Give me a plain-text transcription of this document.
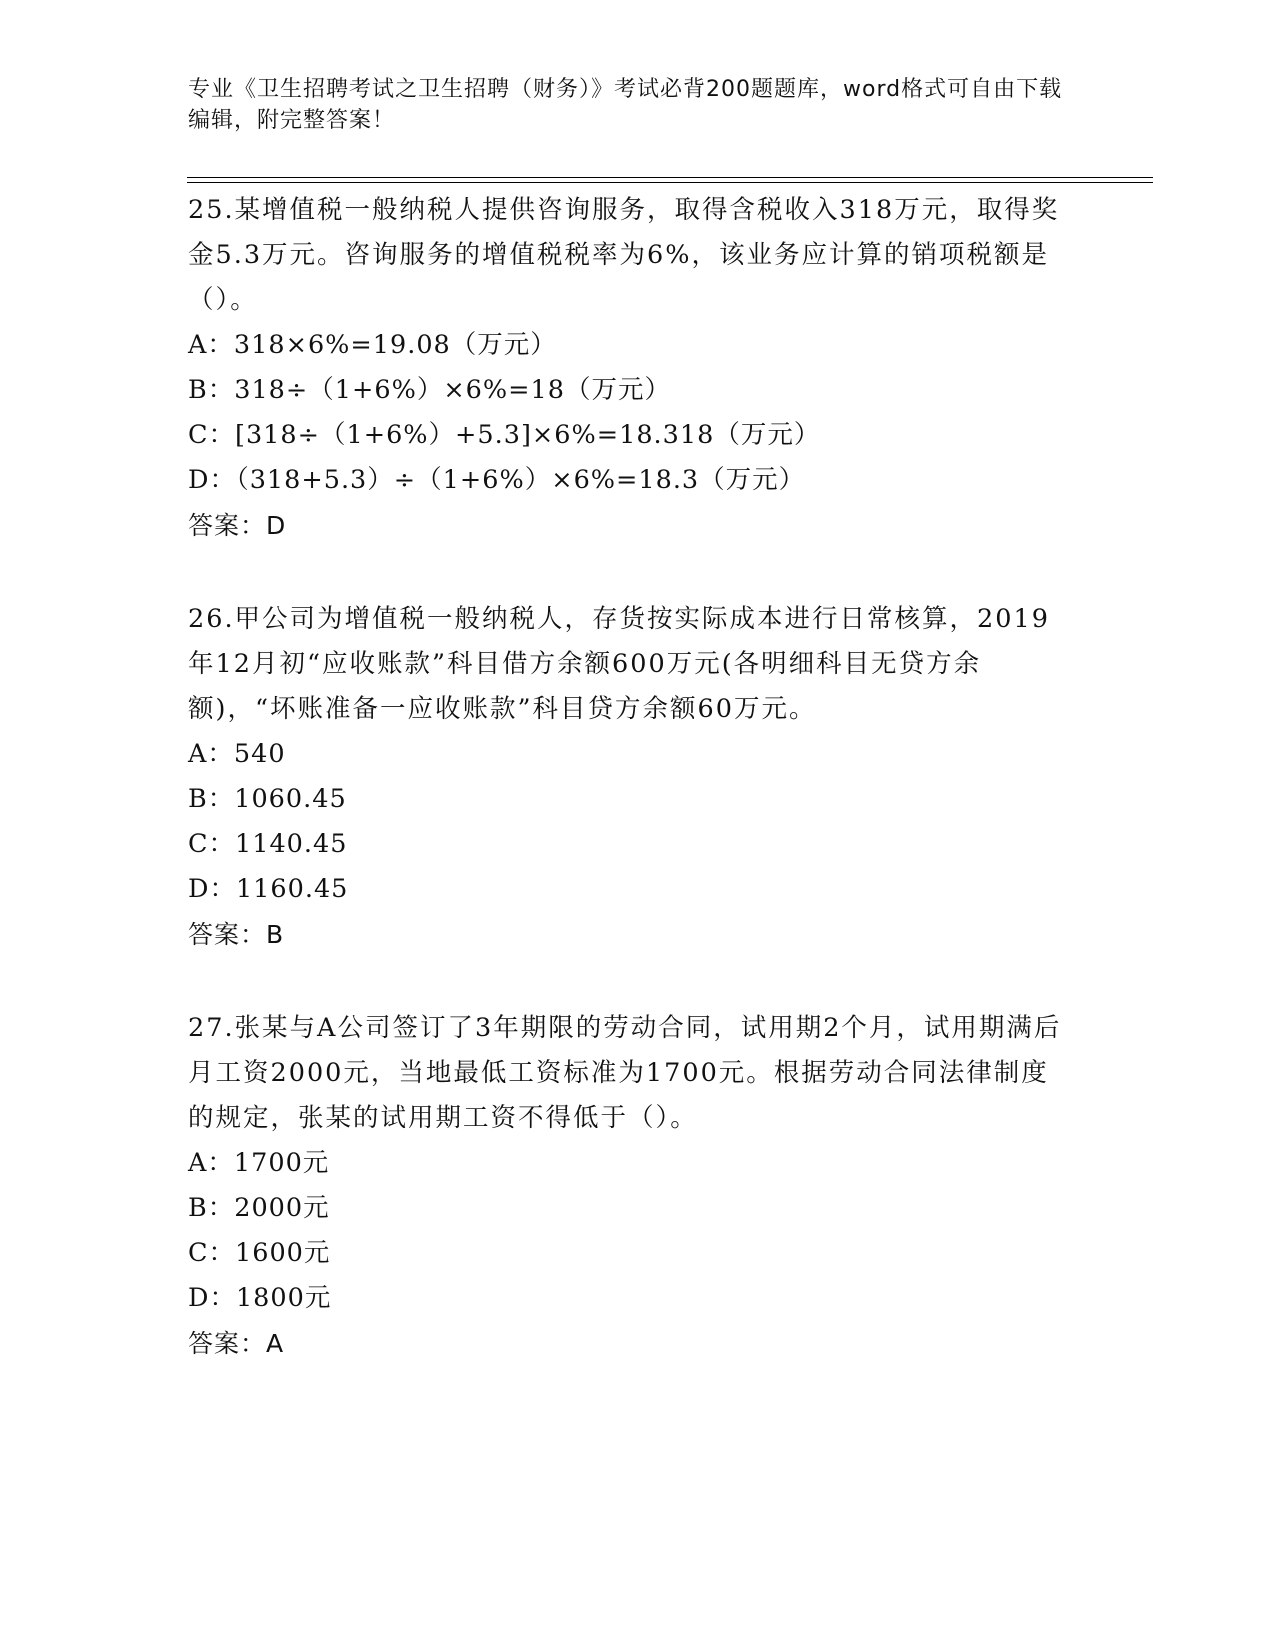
专业《卫生招聘考试之卫生招聘（财务）》考试必背200题题库，word格式可自由下载编辑，附完整答案！

25.某增值税一般纳税人提供咨询服务，取得含税收入318万元，取得奖金5.3万元。咨询服务的增值税税率为6%，该业务应计算的销项税额是（）。

A：318×6%=19.08（万元）

B：318÷（1+6%）×6%=18（万元）

C：[318÷（1+6%）+5.3]×6%=18.318（万元）

D：（318+5.3）÷（1+6%）×6%=18.3（万元）

答案：D

26.甲公司为增值税一般纳税人，存货按实际成本进行日常核算，2019年12月初“应收账款”科目借方余额600万元(各明细科目无贷方余额)，“坏账准备一应收账款”科目贷方余额60万元。

A：540

B：1060.45

C：1140.45

D：1160.45

答案：B

27.张某与A公司签订了3年期限的劳动合同，试用期2个月，试用期满后月工资2000元，当地最低工资标准为1700元。根据劳动合同法律制度的规定，张某的试用期工资不得低于（）。

A：1700元

B：2000元

C：1600元

D：1800元

答案：A
